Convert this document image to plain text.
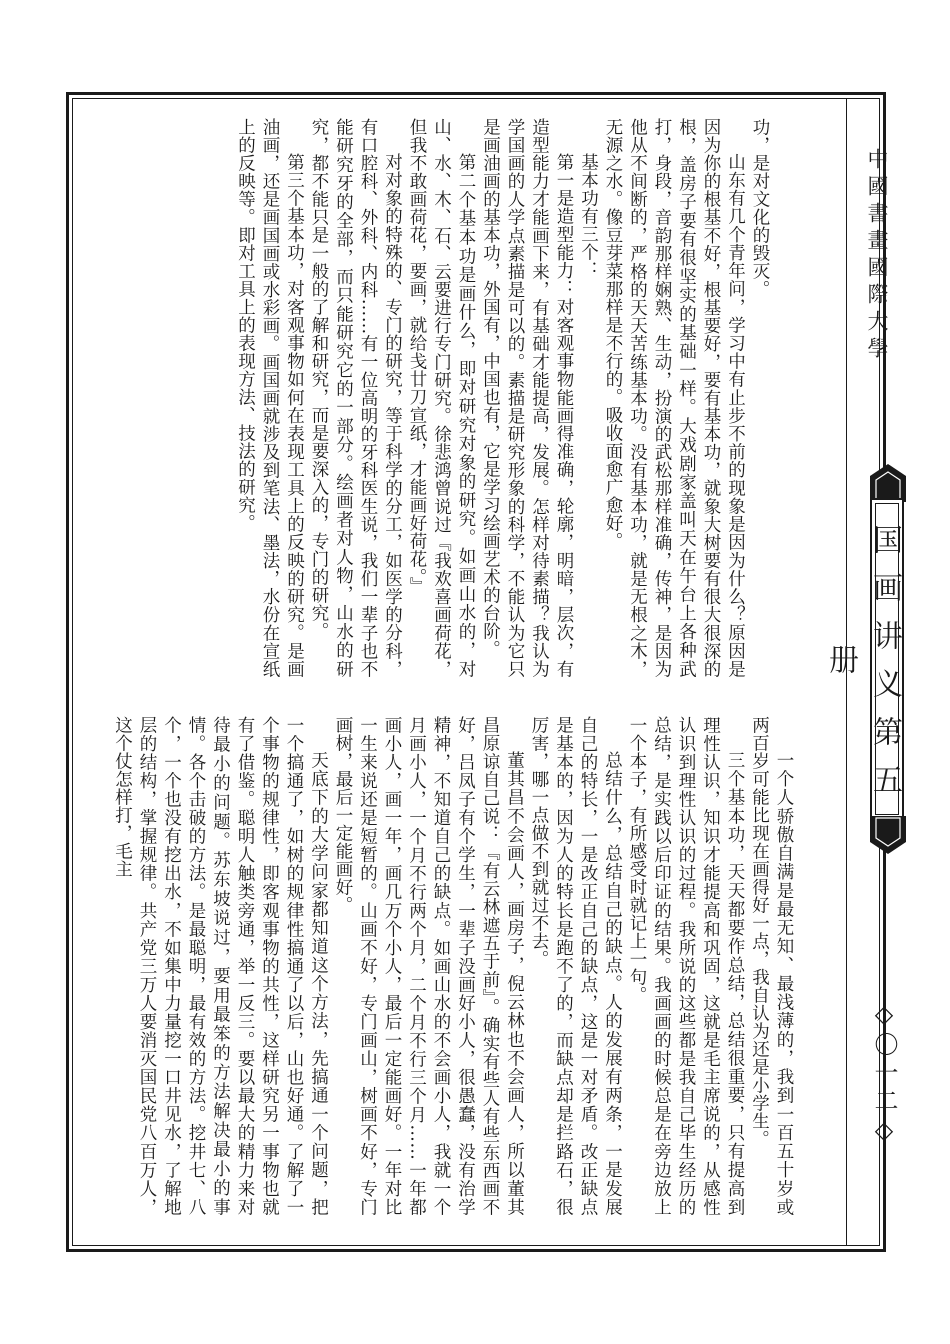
中國書畫國際大學
国画讲义第五册
◇〇一二◇

功，是对文化的毁灭。

山东有几个青年问，学习中有止步不前的现象是因为什么？原因是因为你的根基不好，根基要好，要有基本功，就象大树要有很大很深的根，盖房子要有很坚实的基础一样。大戏剧家盖叫天在午台上各种武打，身段，音韵那样娴熟、生动，扮演的武松那样准确，传神，是因为他从不间断的，严格的天天苦练基本功。没有基本功，就是无根之木，无源之水。像豆芽菜那样是不行的。吸收面愈广愈好。

基本功有三个：

第一是造型能力：对客观事物能画得准确，轮廓，明暗，层次，有造型能力才能画下来，有基础才能提高，发展。怎样对待素描？我认为学国画的人学点素描是可以的。素描是研究形象的科学，不能认为它只是画油画的基本功，外国有，中国也有，它是学习绘画艺术的台阶。

第二个基本功是画什么，即对研究对象的研究。如画山水的，对山、水、木、石、云要进行专门研究。徐悲鸿曾说过『我欢喜画荷花，但我不敢画荷花，要画，就给戋廿刀宣纸，才能画好荷花。』

对对象的特殊的、专门的研究，等于科学的分工，如医学的分科，有口腔科、外科、内科……有一位高明的牙科医生说，我们一辈子也不能研究牙的全部，而只能研究它的一部分。绘画者对人物，山水的研究，都不能只是一般的了解和研究，而是要深入的，专门的研究。

第三个基本功，对客观事物如何在表现工具上的反映的研究。是画油画，还是画国画或水彩画。画国画就涉及到笔法、墨法，水份在宣纸上的反映等。即对工具上的表现方法、技法的研究。

一个人骄傲自满是最无知、最浅薄的，我到一百五十岁或两百岁可能比现在画得好一点，我自认为还是小学生。

三个基本功，天天都要作总结，总结很重要，只有提高到理性认识，知识才能提高和巩固，这就是毛主席说的，从感性认识到理性认识的过程。我所说的这些都是我自己毕生经历的总结，是实践以后印证的结果。我画画的时候总是在旁边放上一个本子，有所感受时就记上一句。

总结什么，总结自己的缺点。人的发展有两条，一是发展自己的特长，一是改正自己的缺点，这是一对矛盾。改正缺点是基本的，因为人的特长是跑不了的，而缺点却是拦路石，很厉害，哪一点做不到就过不去。

董其昌不会画人，画房子，倪云林也不会画人，所以董其昌原谅自己说：『有云林遮五于前』。确实有些人有些东西画不好，吕凤子有个学生，一辈子没画好小人，很愚蠢，没有治学精神，不知道自己的缺点。如画山水的不会画小人，我就一个月画小人，一个月不行两个月，二个月不行三个月……一年都画小人，画一年，画几万个小人，最后一定能画好。一年对比一生来说还是短暂的。山画不好，专门画山，树画不好，专门画树，最后一定能画好。

天底下的大学问家都知道这个方法，先搞通一个问题，把一个搞通了，如树的规律性搞通了以后，山也好通。了解了一个事物的规律性，即客观事物的共性，这样研究另一事物也就有了借鉴。聪明人触类旁通，举一反三。要以最大的精力来对待最小的问题。苏东坡说过，要用最笨的方法解决最小的事情。各个击破的方法。是最聪明，最有效的方法。挖井七、八个，一个也没有挖出水，不如集中力量挖一口井见水，了解地层的结构，掌握规律。共产党三万人要消灭国民党八百万人，这个仗怎样打，毛主
